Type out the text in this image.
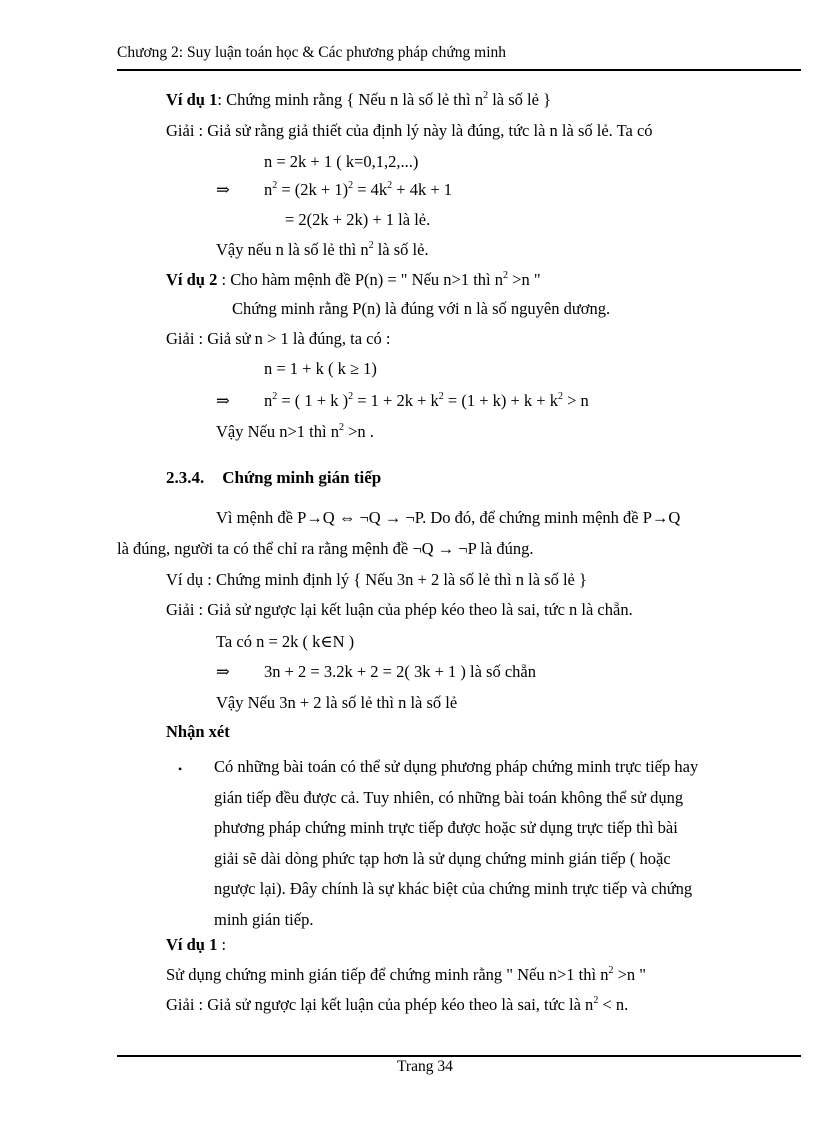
Chương 2: Suy luận toán học & Các phương pháp chứng minh
Ví dụ 1: Chứng minh rằng { Nếu n là số lẻ thì $n^2$ là số lẻ }
Giải : Giả sử rằng giả thiết của định lý này là đúng, tức là n là số lẻ. Ta có
n = 2k + 1 ( k=0,1,2,...)
⇒ $n^2 = (2k + 1)^2 = 4k^2 + 4k + 1$
= 2(2k + 2k) + 1 là lẻ.
Vậy nếu n là số lẻ thì $n^2$ là số lẻ.
Ví dụ 2 : Cho hàm mệnh đề P(n) = " Nếu n>1 thì $n^2 >n$ "
Chứng minh rằng P(n) là đúng với n là số nguyên dương.
Giải : Giả sử n > 1 là đúng, ta có :
n = 1 + k ( k ≥ 1)
⇒ $n^2$ = ( 1 + k )$^2 = 1 + 2k + k^2 = (1 + k) + k + k^2 > n$
Vậy Nếu n>1 thì $n^2 >n$ .
2.3.4. Chứng minh gián tiếp
Vì mệnh đề P→Q ⇔ ¬Q → ¬P. Do đó, để chứng minh mệnh đề P→Q
là đúng, người ta có thể chỉ ra rằng mệnh đề ¬Q → ¬P là đúng.
Ví dụ : Chứng minh định lý { Nếu 3n + 2 là số lẻ thì n là số lẻ }
Giải : Giả sử ngược lại kết luận của phép kéo theo là sai, tức n là chẵn.
Ta có n = 2k ( k∈N )
⇒ 3n + 2 = 3.2k + 2 = 2( 3k + 1 ) là số chẵn
Vậy Nếu 3n + 2 là số lẻ thì n là số lẻ
Nhận xét
• Có những bài toán có thể sử dụng phương pháp chứng minh trực tiếp hay
gián tiếp đều được cả. Tuy nhiên, có những bài toán không thể sử dụng
phương pháp chứng minh trực tiếp được hoặc sử dụng trực tiếp thì bài
giải sẽ dài dòng phức tạp hơn là sử dụng chứng minh gián tiếp ( hoặc
ngược lại). Đây chính là sự khác biệt của chứng minh trực tiếp và chứng
minh gián tiếp.
Ví dụ 1 :
Sử dụng chứng minh gián tiếp để chứng minh rằng " Nếu n>1 thì $n^2 >n$ "
Giải : Giả sử ngược lại kết luận của phép kéo theo là sai, tức là $n^2 < n$.
Trang 34
